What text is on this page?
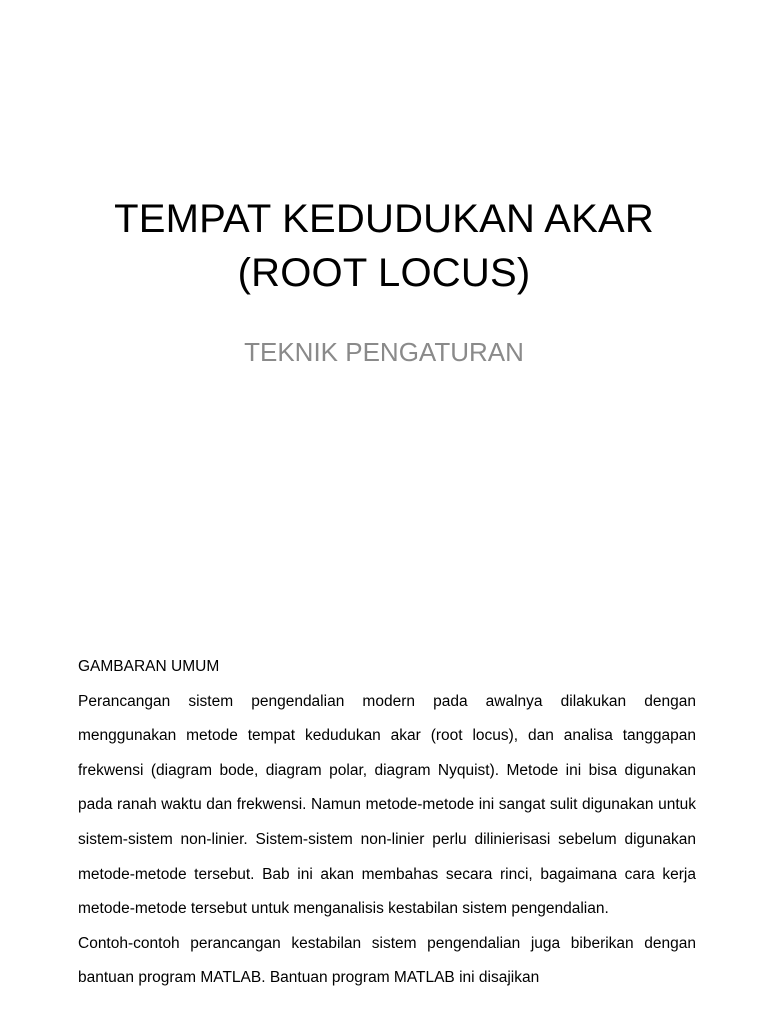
TEMPAT KEDUDUKAN AKAR
(ROOT LOCUS)
TEKNIK PENGATURAN
GAMBARAN UMUM

Perancangan sistem pengendalian modern pada awalnya dilakukan dengan menggunakan metode tempat kedudukan akar (root locus), dan analisa tanggapan frekwensi (diagram bode, diagram polar, diagram Nyquist). Metode ini bisa digunakan pada ranah waktu dan frekwensi. Namun metode-metode ini sangat sulit digunakan untuk sistem-sistem non-linier. Sistem-sistem non-linier perlu dilinierisasi sebelum digunakan metode-metode tersebut. Bab ini akan membahas secara rinci, bagaimana cara kerja metode-metode tersebut untuk menganalisis kestabilan sistem pengendalian.

Contoh-contoh perancangan kestabilan sistem pengendalian juga biberikan dengan bantuan program MATLAB. Bantuan program MATLAB ini disajikan
